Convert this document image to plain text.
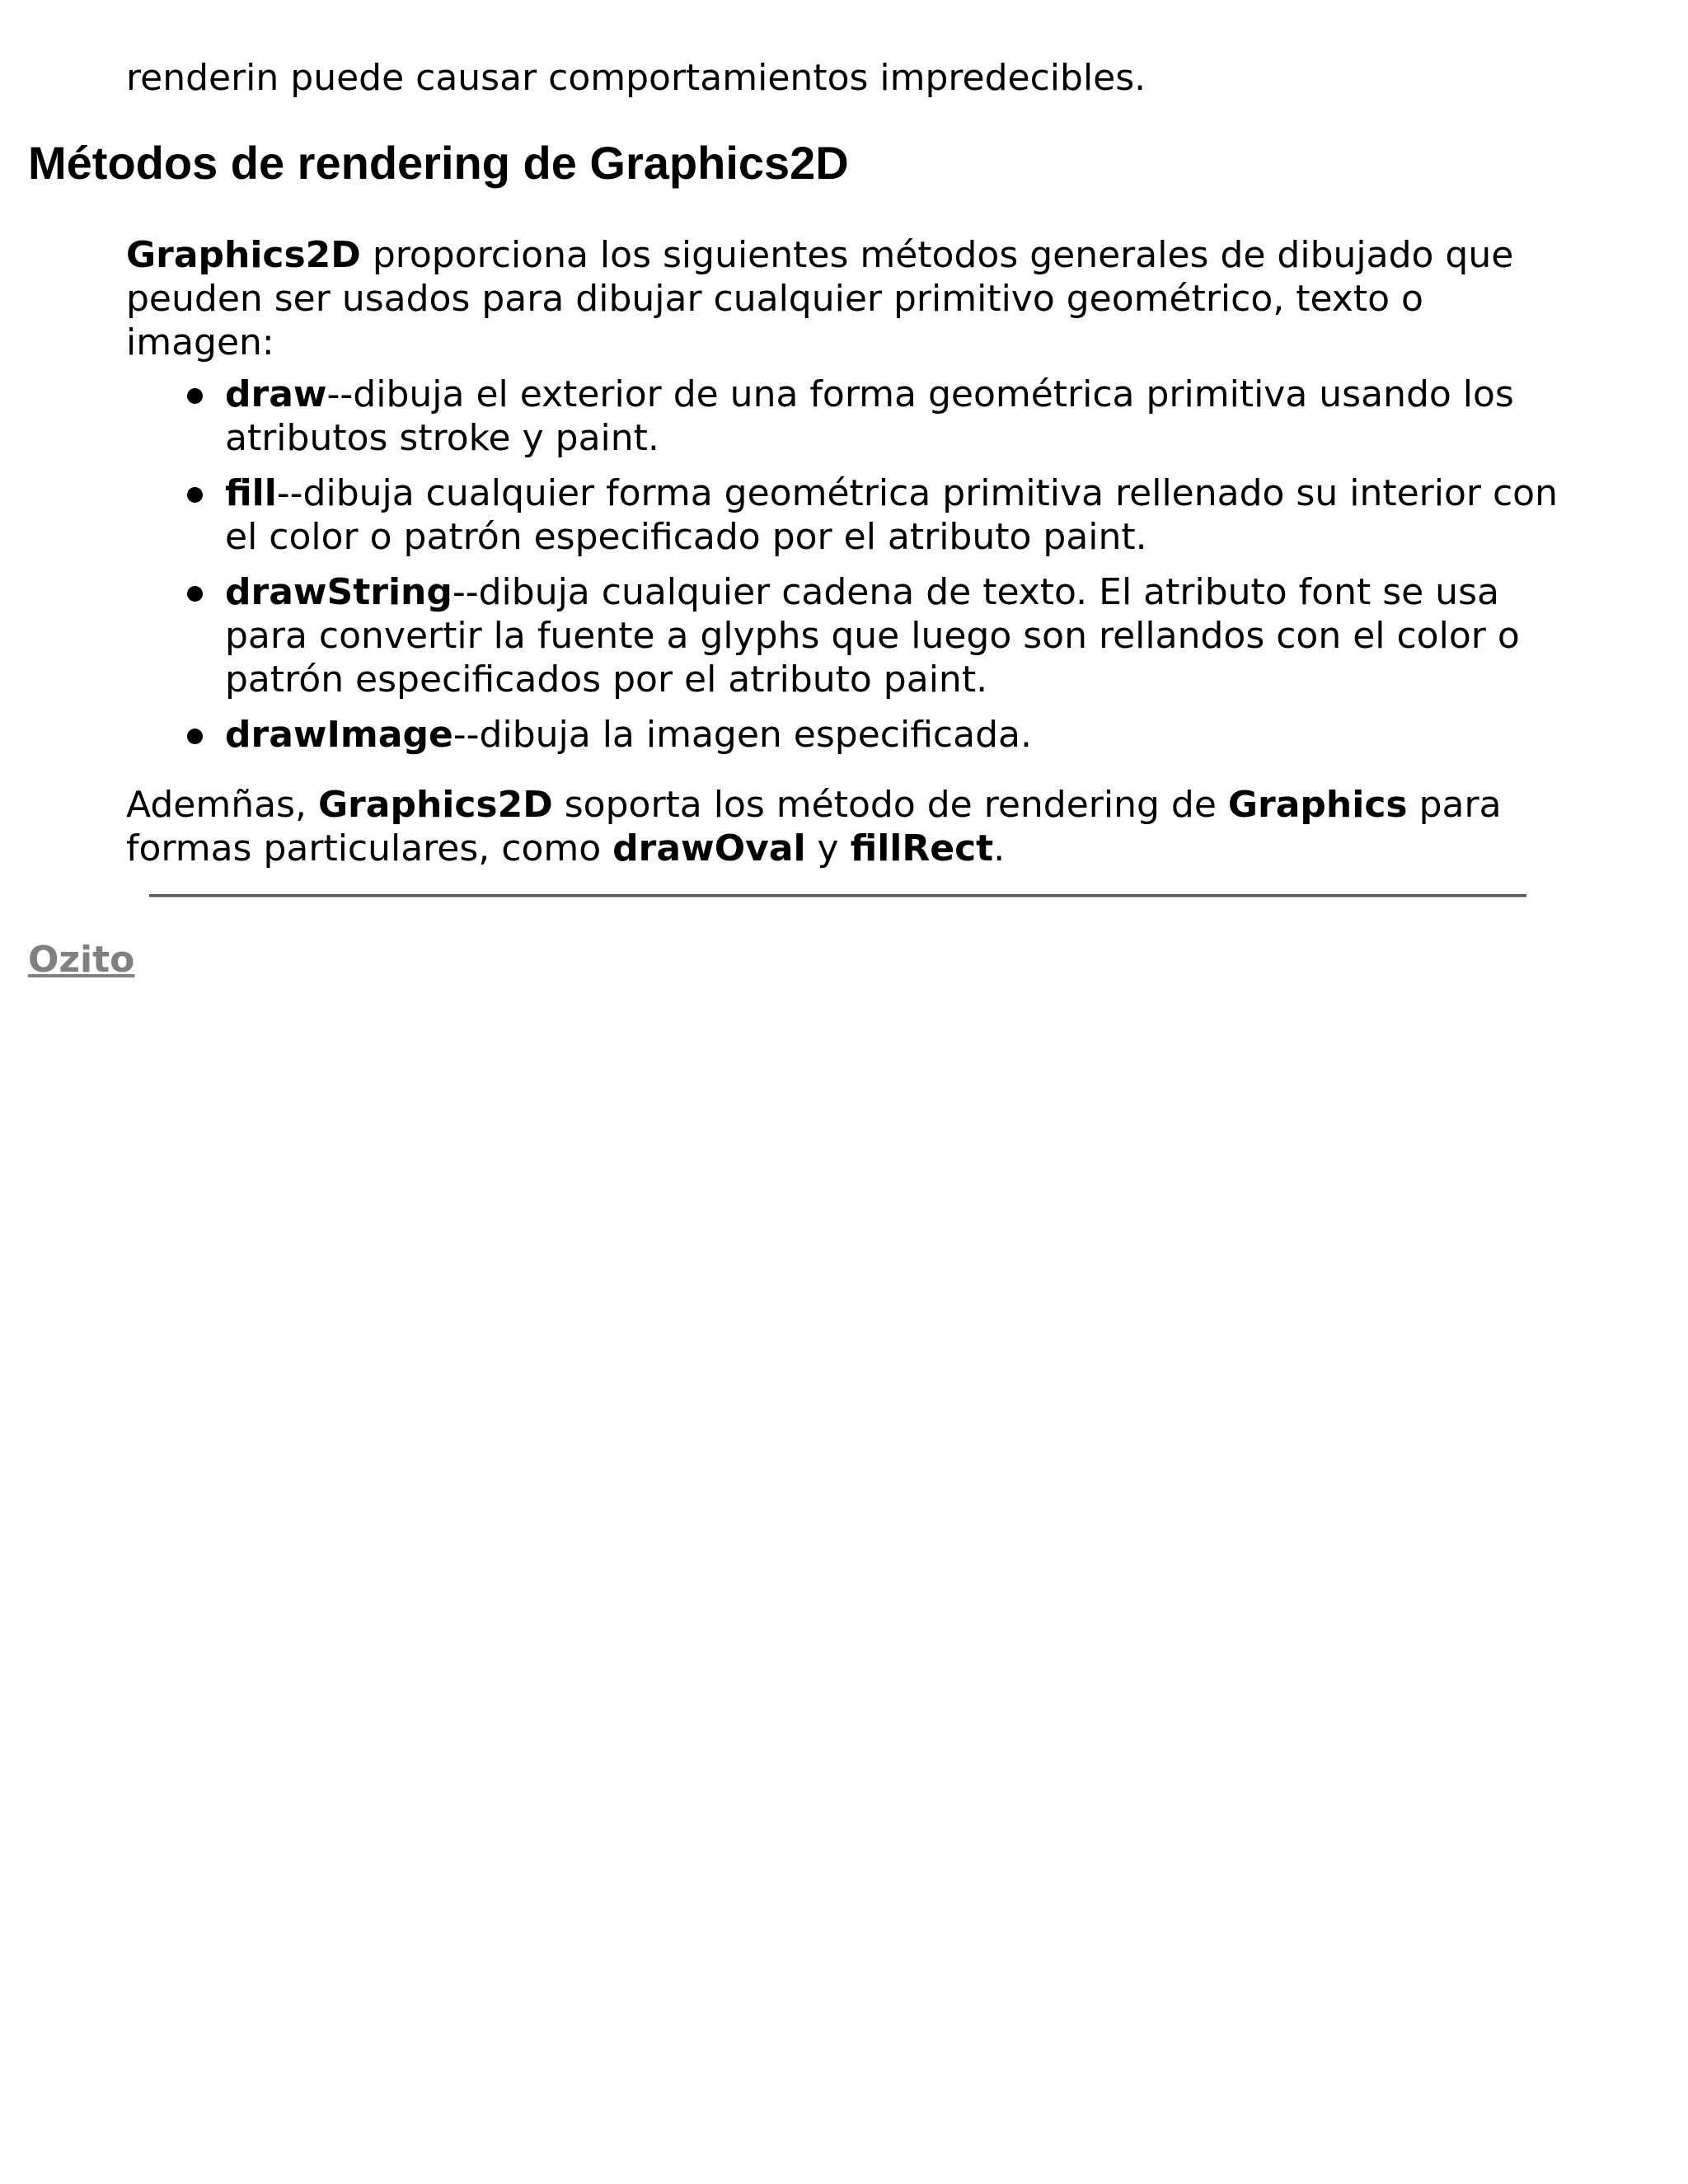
renderin puede causar comportamientos impredecibles.

Métodos de rendering de Graphics2D

Graphics2D proporciona los siguientes métodos generales de dibujado que peuden ser usados para dibujar cualquier primitivo geométrico, texto o imagen:

draw--dibuja el exterior de una forma geométrica primitiva usando los atributos stroke y paint.
fill--dibuja cualquier forma geométrica primitiva rellenado su interior con el color o patrón especificado por el atributo paint.
drawString--dibuja cualquier cadena de texto. El atributo font se usa para convertir la fuente a glyphs que luego son rellandos con el color o patrón especificados por el atributo paint.
drawImage--dibuja la imagen especificada.

Ademñas, Graphics2D soporta los método de rendering de Graphics para formas particulares, como drawOval y fillRect.

Ozito
